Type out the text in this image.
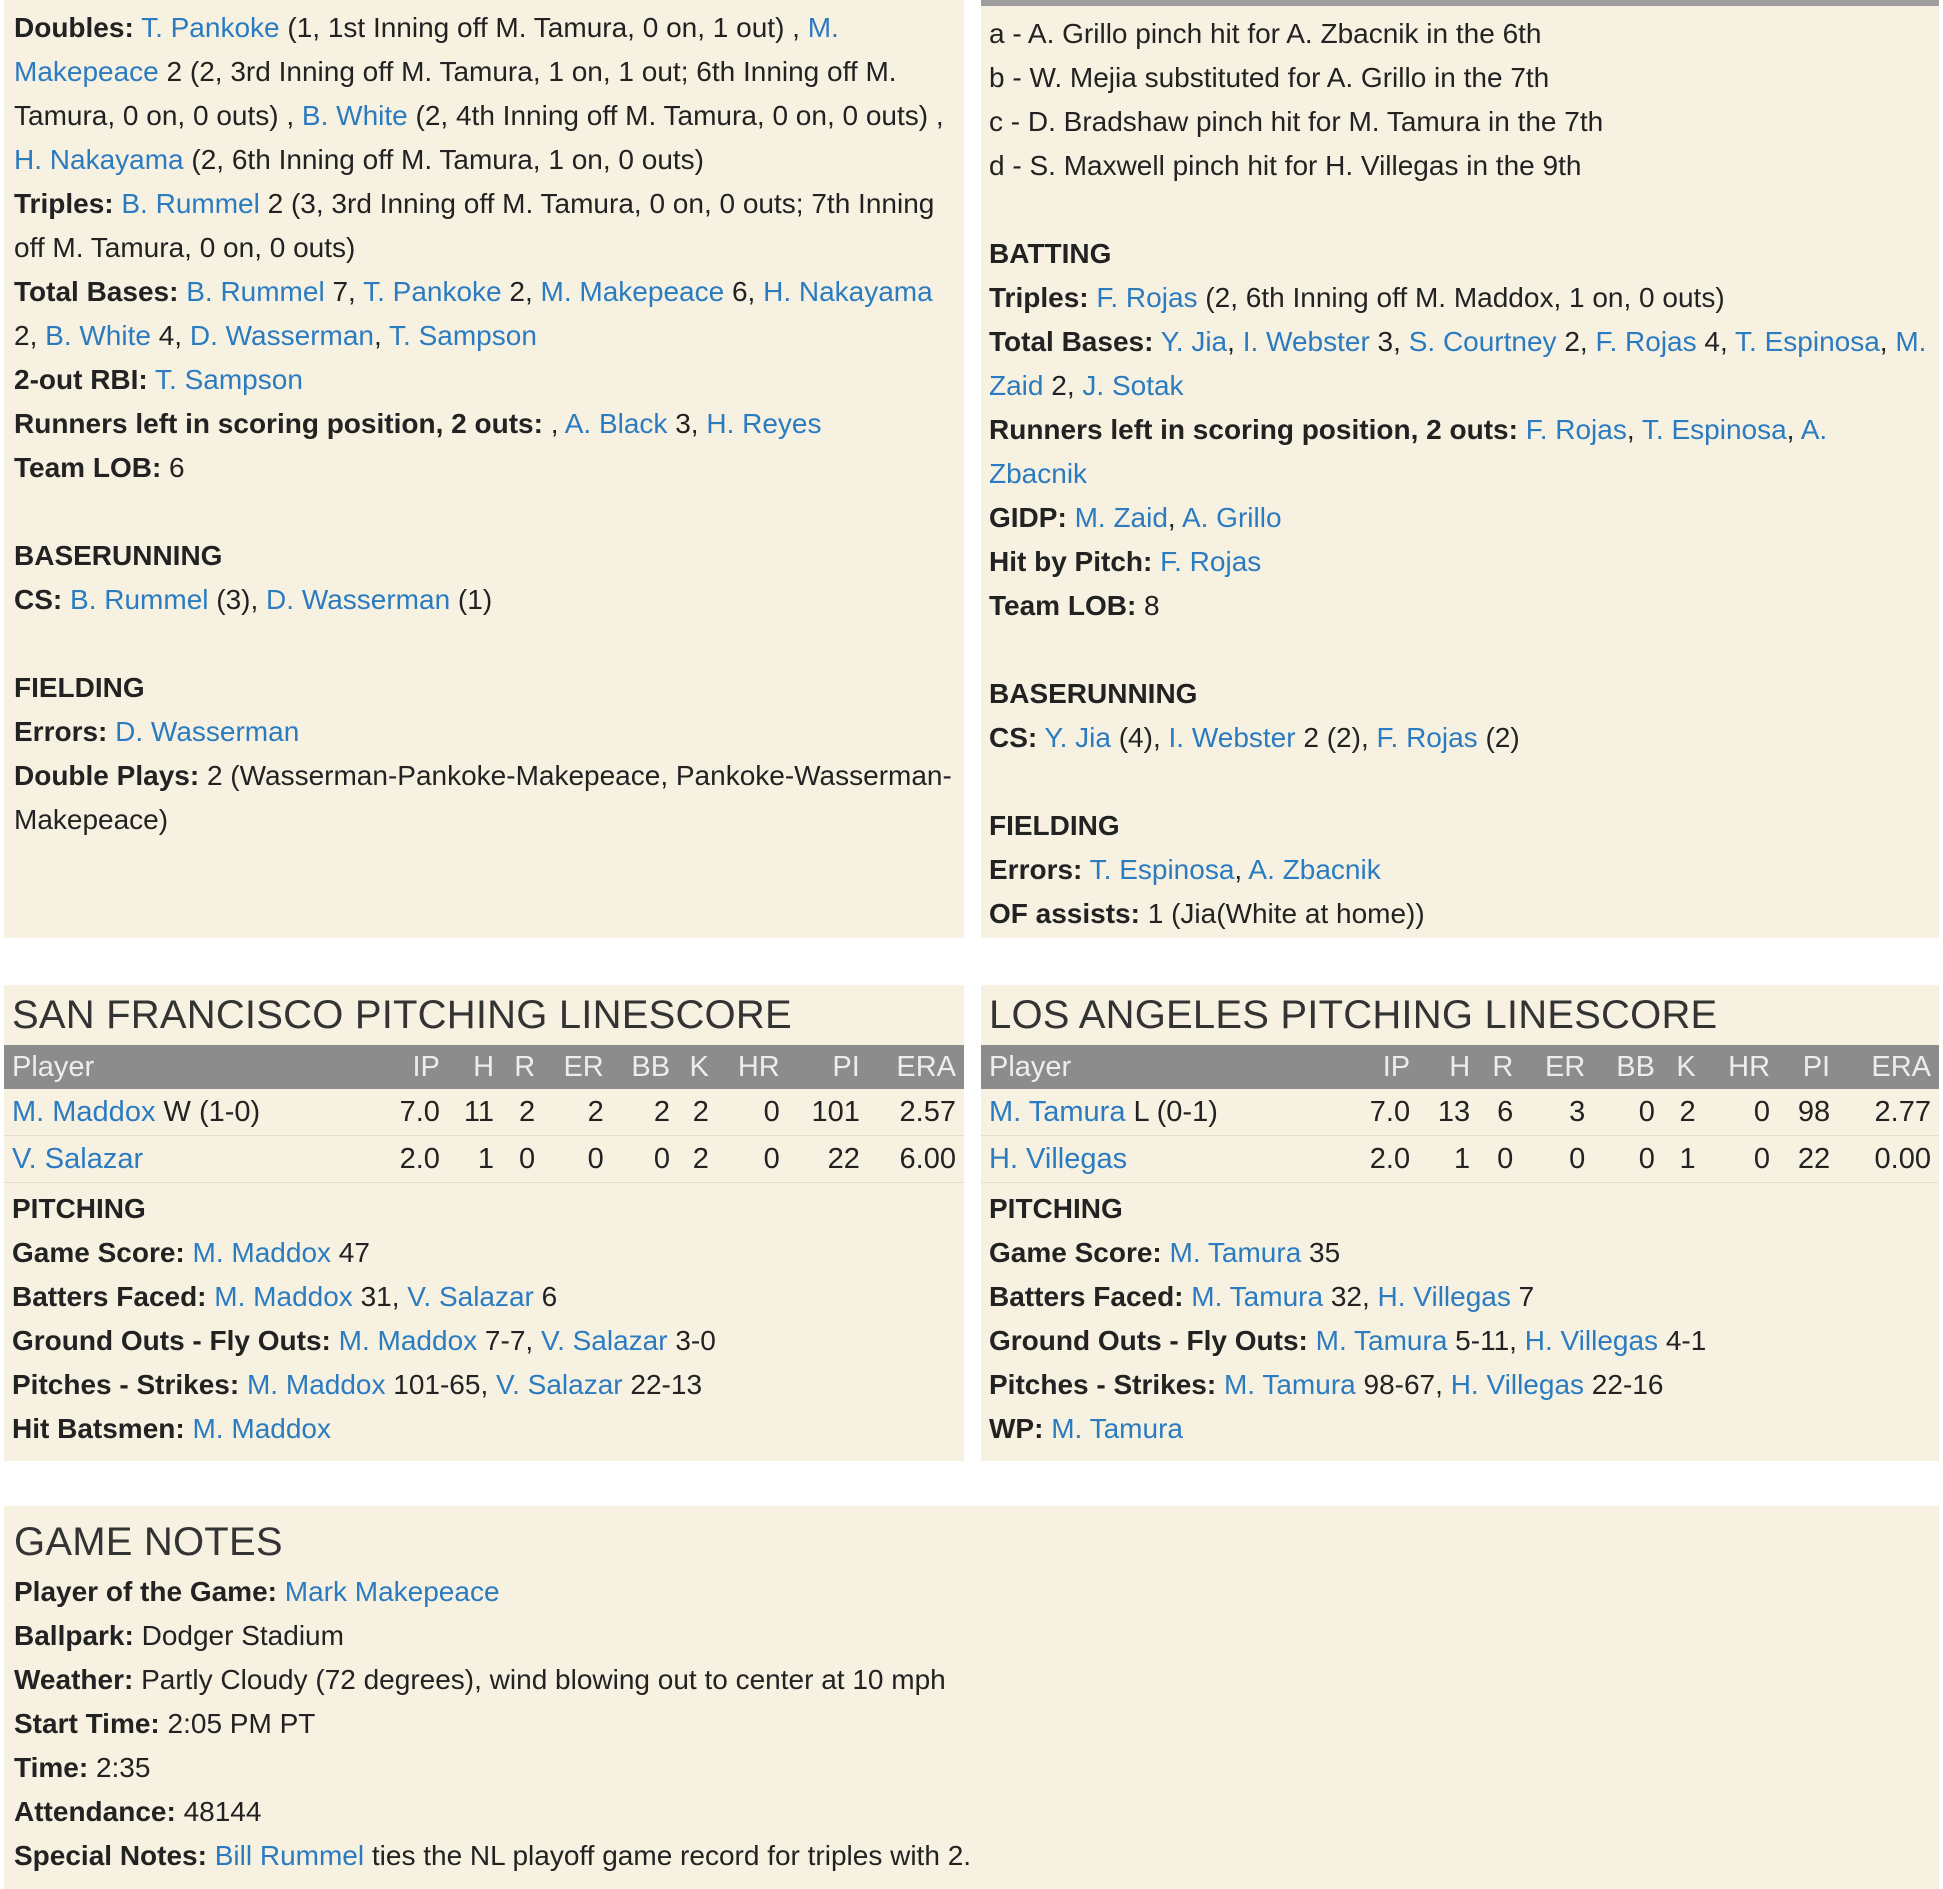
Doubles: T. Pankoke (1, 1st Inning off M. Tamura, 0 on, 1 out) , M. Makepeace 2 (2, 3rd Inning off M. Tamura, 1 on, 1 out; 6th Inning off M. Tamura, 0 on, 0 outs) , B. White (2, 4th Inning off M. Tamura, 0 on, 0 outs) , H. Nakayama (2, 6th Inning off M. Tamura, 1 on, 0 outs)
Triples: B. Rummel 2 (3, 3rd Inning off M. Tamura, 0 on, 0 outs; 7th Inning off M. Tamura, 0 on, 0 outs)
Total Bases: B. Rummel 7, T. Pankoke 2, M. Makepeace 6, H. Nakayama 2, B. White 4, D. Wasserman, T. Sampson
2-out RBI: T. Sampson
Runners left in scoring position, 2 outs: , A. Black 3, H. Reyes
Team LOB: 6
BASERUNNING
CS: B. Rummel (3), D. Wasserman (1)
FIELDING
Errors: D. Wasserman
Double Plays: 2 (Wasserman-Pankoke-Makepeace, Pankoke-Wasserman-Makepeace)
a - A. Grillo pinch hit for A. Zbacnik in the 6th
b - W. Mejia substituted for A. Grillo in the 7th
c - D. Bradshaw pinch hit for M. Tamura in the 7th
d - S. Maxwell pinch hit for H. Villegas in the 9th
BATTING
Triples: F. Rojas (2, 6th Inning off M. Maddox, 1 on, 0 outs)
Total Bases: Y. Jia, I. Webster 3, S. Courtney 2, F. Rojas 4, T. Espinosa, M. Zaid 2, J. Sotak
Runners left in scoring position, 2 outs: F. Rojas, T. Espinosa, A. Zbacnik
GIDP: M. Zaid, A. Grillo
Hit by Pitch: F. Rojas
Team LOB: 8
BASERUNNING
CS: Y. Jia (4), I. Webster 2 (2), F. Rojas (2)
FIELDING
Errors: T. Espinosa, A. Zbacnik
OF assists: 1 (Jia(White at home))
SAN FRANCISCO PITCHING LINESCORE
Player	IP	H	R	ER	BB	K	HR	PI	ERA
M. Maddox W (1-0)	7.0	11	2	2	2	2	0	101	2.57
V. Salazar	2.0	1	0	0	0	2	0	22	6.00
PITCHING
Game Score: M. Maddox 47
Batters Faced: M. Maddox 31, V. Salazar 6
Ground Outs - Fly Outs: M. Maddox 7-7, V. Salazar 3-0
Pitches - Strikes: M. Maddox 101-65, V. Salazar 22-13
Hit Batsmen: M. Maddox
LOS ANGELES PITCHING LINESCORE
Player	IP	H	R	ER	BB	K	HR	PI	ERA
M. Tamura L (0-1)	7.0	13	6	3	0	2	0	98	2.77
H. Villegas	2.0	1	0	0	0	1	0	22	0.00
PITCHING
Game Score: M. Tamura 35
Batters Faced: M. Tamura 32, H. Villegas 7
Ground Outs - Fly Outs: M. Tamura 5-11, H. Villegas 4-1
Pitches - Strikes: M. Tamura 98-67, H. Villegas 22-16
WP: M. Tamura
GAME NOTES
Player of the Game: Mark Makepeace
Ballpark: Dodger Stadium
Weather: Partly Cloudy (72 degrees), wind blowing out to center at 10 mph
Start Time: 2:05 PM PT
Time: 2:35
Attendance: 48144
Special Notes: Bill Rummel ties the NL playoff game record for triples with 2.
